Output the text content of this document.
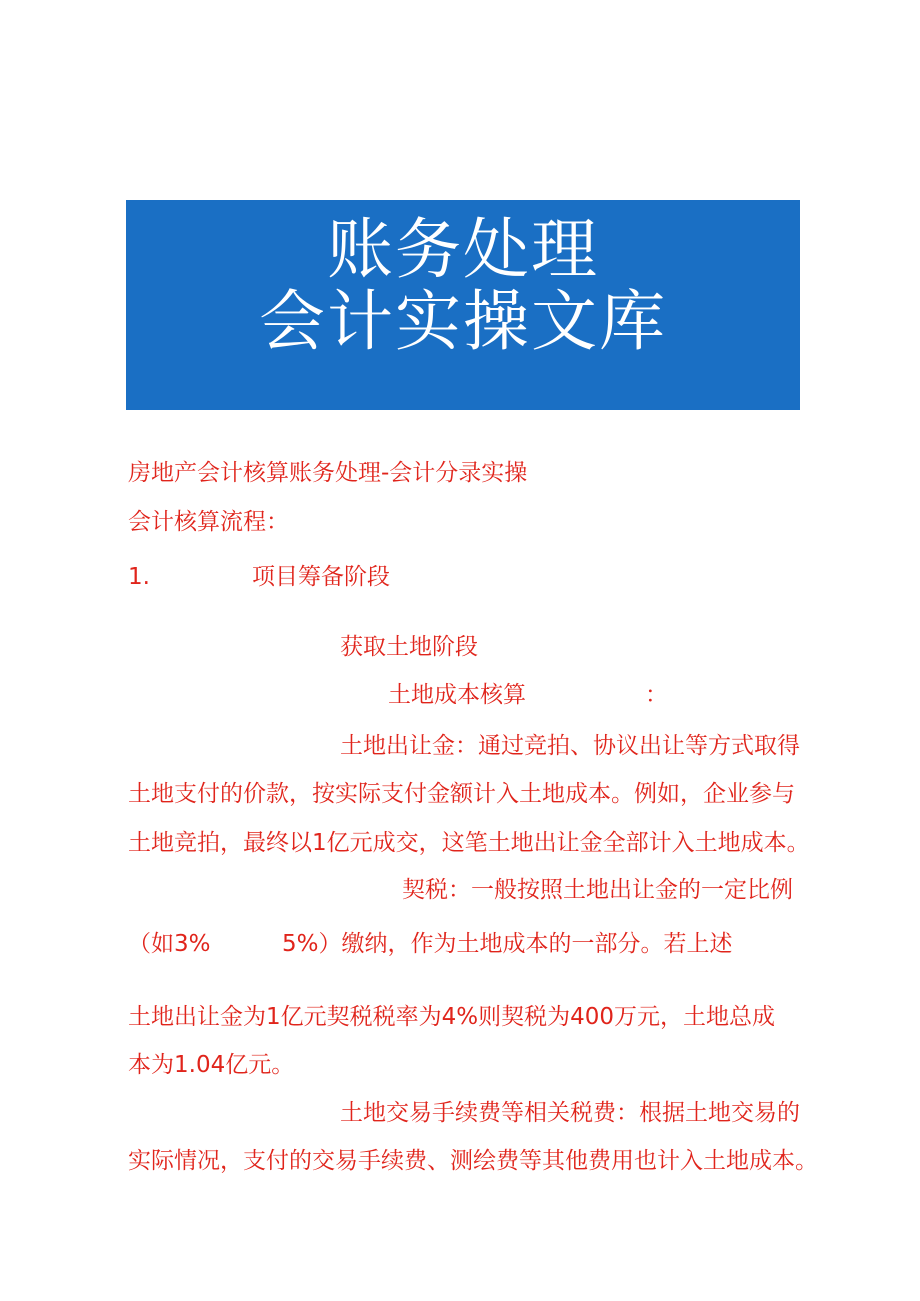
账务处理
会计实操文库
房地产会计核算账务处理-会计分录实操
会计核算流程：
1.	项目筹备阶段
获取土地阶段
土地成本核算	：
土地出让金：通过竞拍、协议出让等方式取得
土地支付的价款，按实际支付金额计入土地成本。例如，企业参与
土地竞拍，最终以1亿元成交，这笔土地出让金全部计入土地成本。
契税：一般按照土地出让金的一定比例
（如3%	5%）缴纳，作为土地成本的一部分。若上述
土地出让金为1亿元契税税率为4%则契税为400万元，土地总成
本为1.04亿元。
土地交易手续费等相关税费：根据土地交易的
实际情况，支付的交易手续费、测绘费等其他费用也计入土地成本。
